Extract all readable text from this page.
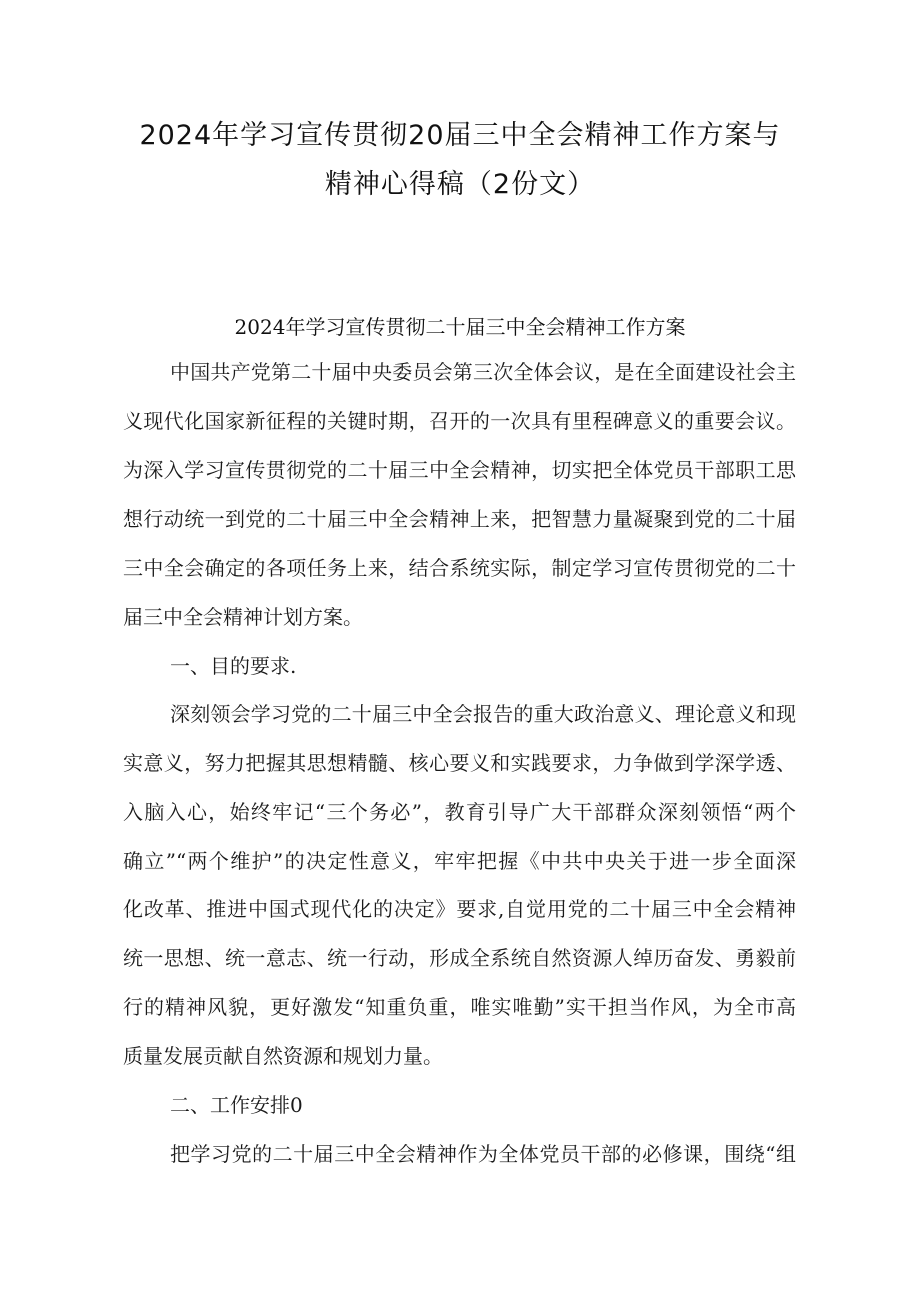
2024年学习宣传贯彻20届三中全会精神工作方案与
精神心得稿（2份文）
2024年学习宣传贯彻二十届三中全会精神工作方案
中国共产党第二十届中央委员会第三次全体会议，是在全面建设社会主
义现代化国家新征程的关键时期，召开的一次具有里程碑意义的重要会议。
为深入学习宣传贯彻党的二十届三中全会精神，切实把全体党员干部职工思
想行动统一到党的二十届三中全会精神上来，把智慧力量凝聚到党的二十届
三中全会确定的各项任务上来，结合系统实际，制定学习宣传贯彻党的二十
届三中全会精神计划方案。
一、目的要求.
深刻领会学习党的二十届三中全会报告的重大政治意义、理论意义和现
实意义，努力把握其思想精髓、核心要义和实践要求，力争做到学深学透、
入脑入心，始终牢记“三个务必”，教育引导广大干部群众深刻领悟“两个
确立”“两个维护”的决定性意义，牢牢把握《中共中央关于进一步全面深
化改革、推进中国式现代化的决定》要求,自觉用党的二十届三中全会精神
统一思想、统一意志、统一行动，形成全系统自然资源人绰历奋发、勇毅前
行的精神风貌，更好激发“知重负重，唯实唯勤”实干担当作风，为全市高
质量发展贡献自然资源和规划力量。
二、工作安排0
把学习党的二十届三中全会精神作为全体党员干部的必修课，围绕“组
